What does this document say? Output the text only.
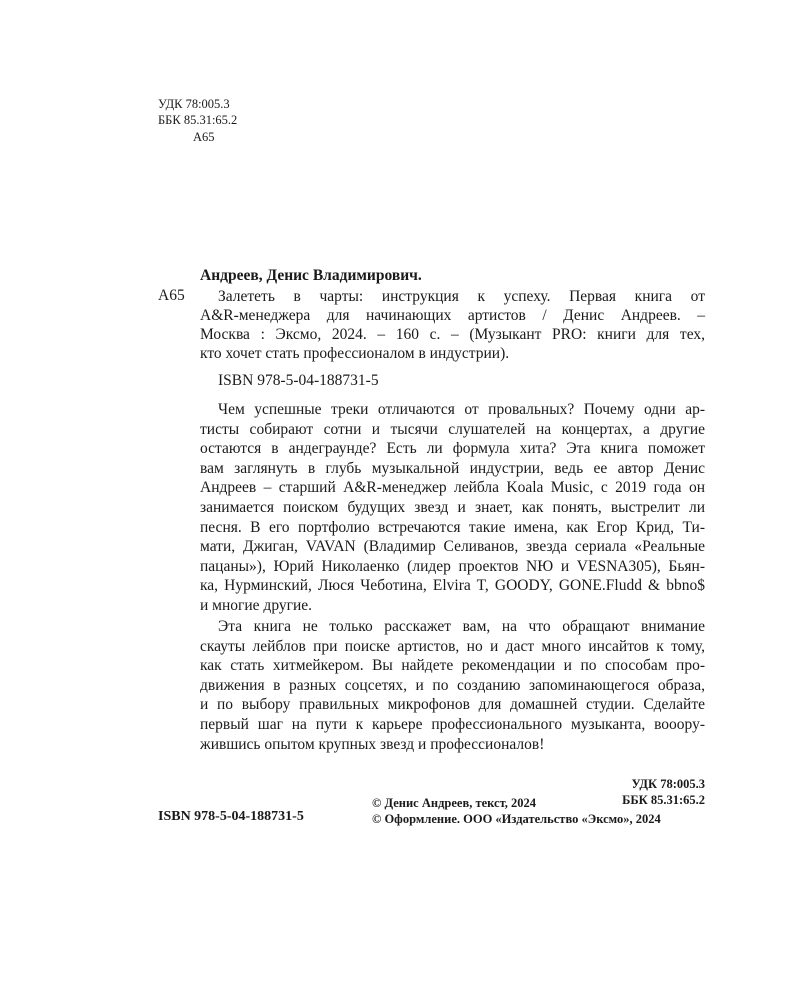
УДК 78:005.3
ББК 85.31:65.2
А65
Андреев, Денис Владимирович.
А65 Залететь в чарты: инструкция к успеху. Первая книга от
A&R-менеджера для начинающих артистов / Денис Андреев. –
Москва : Эксмо, 2024. – 160 с. – (Музыкант PRO: книги для тех,
кто хочет стать профессионалом в индустрии).
ISBN 978-5-04-188731-5
Чем успешные треки отличаются от провальных? Почему одни ар-
тисты собирают сотни и тысячи слушателей на концертах, а другие
остаются в андеграунде? Есть ли формула хита? Эта книга поможет
вам заглянуть в глубь музыкальной индустрии, ведь ее автор Денис
Андреев – старший A&R-менеджер лейбла Koala Music, с 2019 года он
занимается поиском будущих звезд и знает, как понять, выстрелит ли
песня. В его портфолио встречаются такие имена, как Егор Крид, Ти-
мати, Джиган, VAVAN (Владимир Селиванов, звезда сериала «Реальные
пацаны»), Юрий Николаенко (лидер проектов NЮ и VESNA305), Бьян-
ка, Нурминский, Люся Чеботина, Elvira T, GOODY, GONE.Fludd & bbno$
и многие другие.
Эта книга не только расскажет вам, на что обращают внимание
скауты лейблов при поиске артистов, но и даст много инсайтов к тому,
как стать хитмейкером. Вы найдете рекомендации и по способам про-
движения в разных соцсетях, и по созданию запоминающегося образа,
и по выбору правильных микрофонов для домашней студии. Сделайте
первый шаг на пути к карьере профессионального музыканта, вооору-
жившись опытом крупных звезд и профессионалов!
УДК 78:005.3
ББК 85.31:65.2
© Денис Андреев, текст, 2024
© Оформление. ООО «Издательство «Эксмо», 2024
ISBN 978-5-04-188731-5
